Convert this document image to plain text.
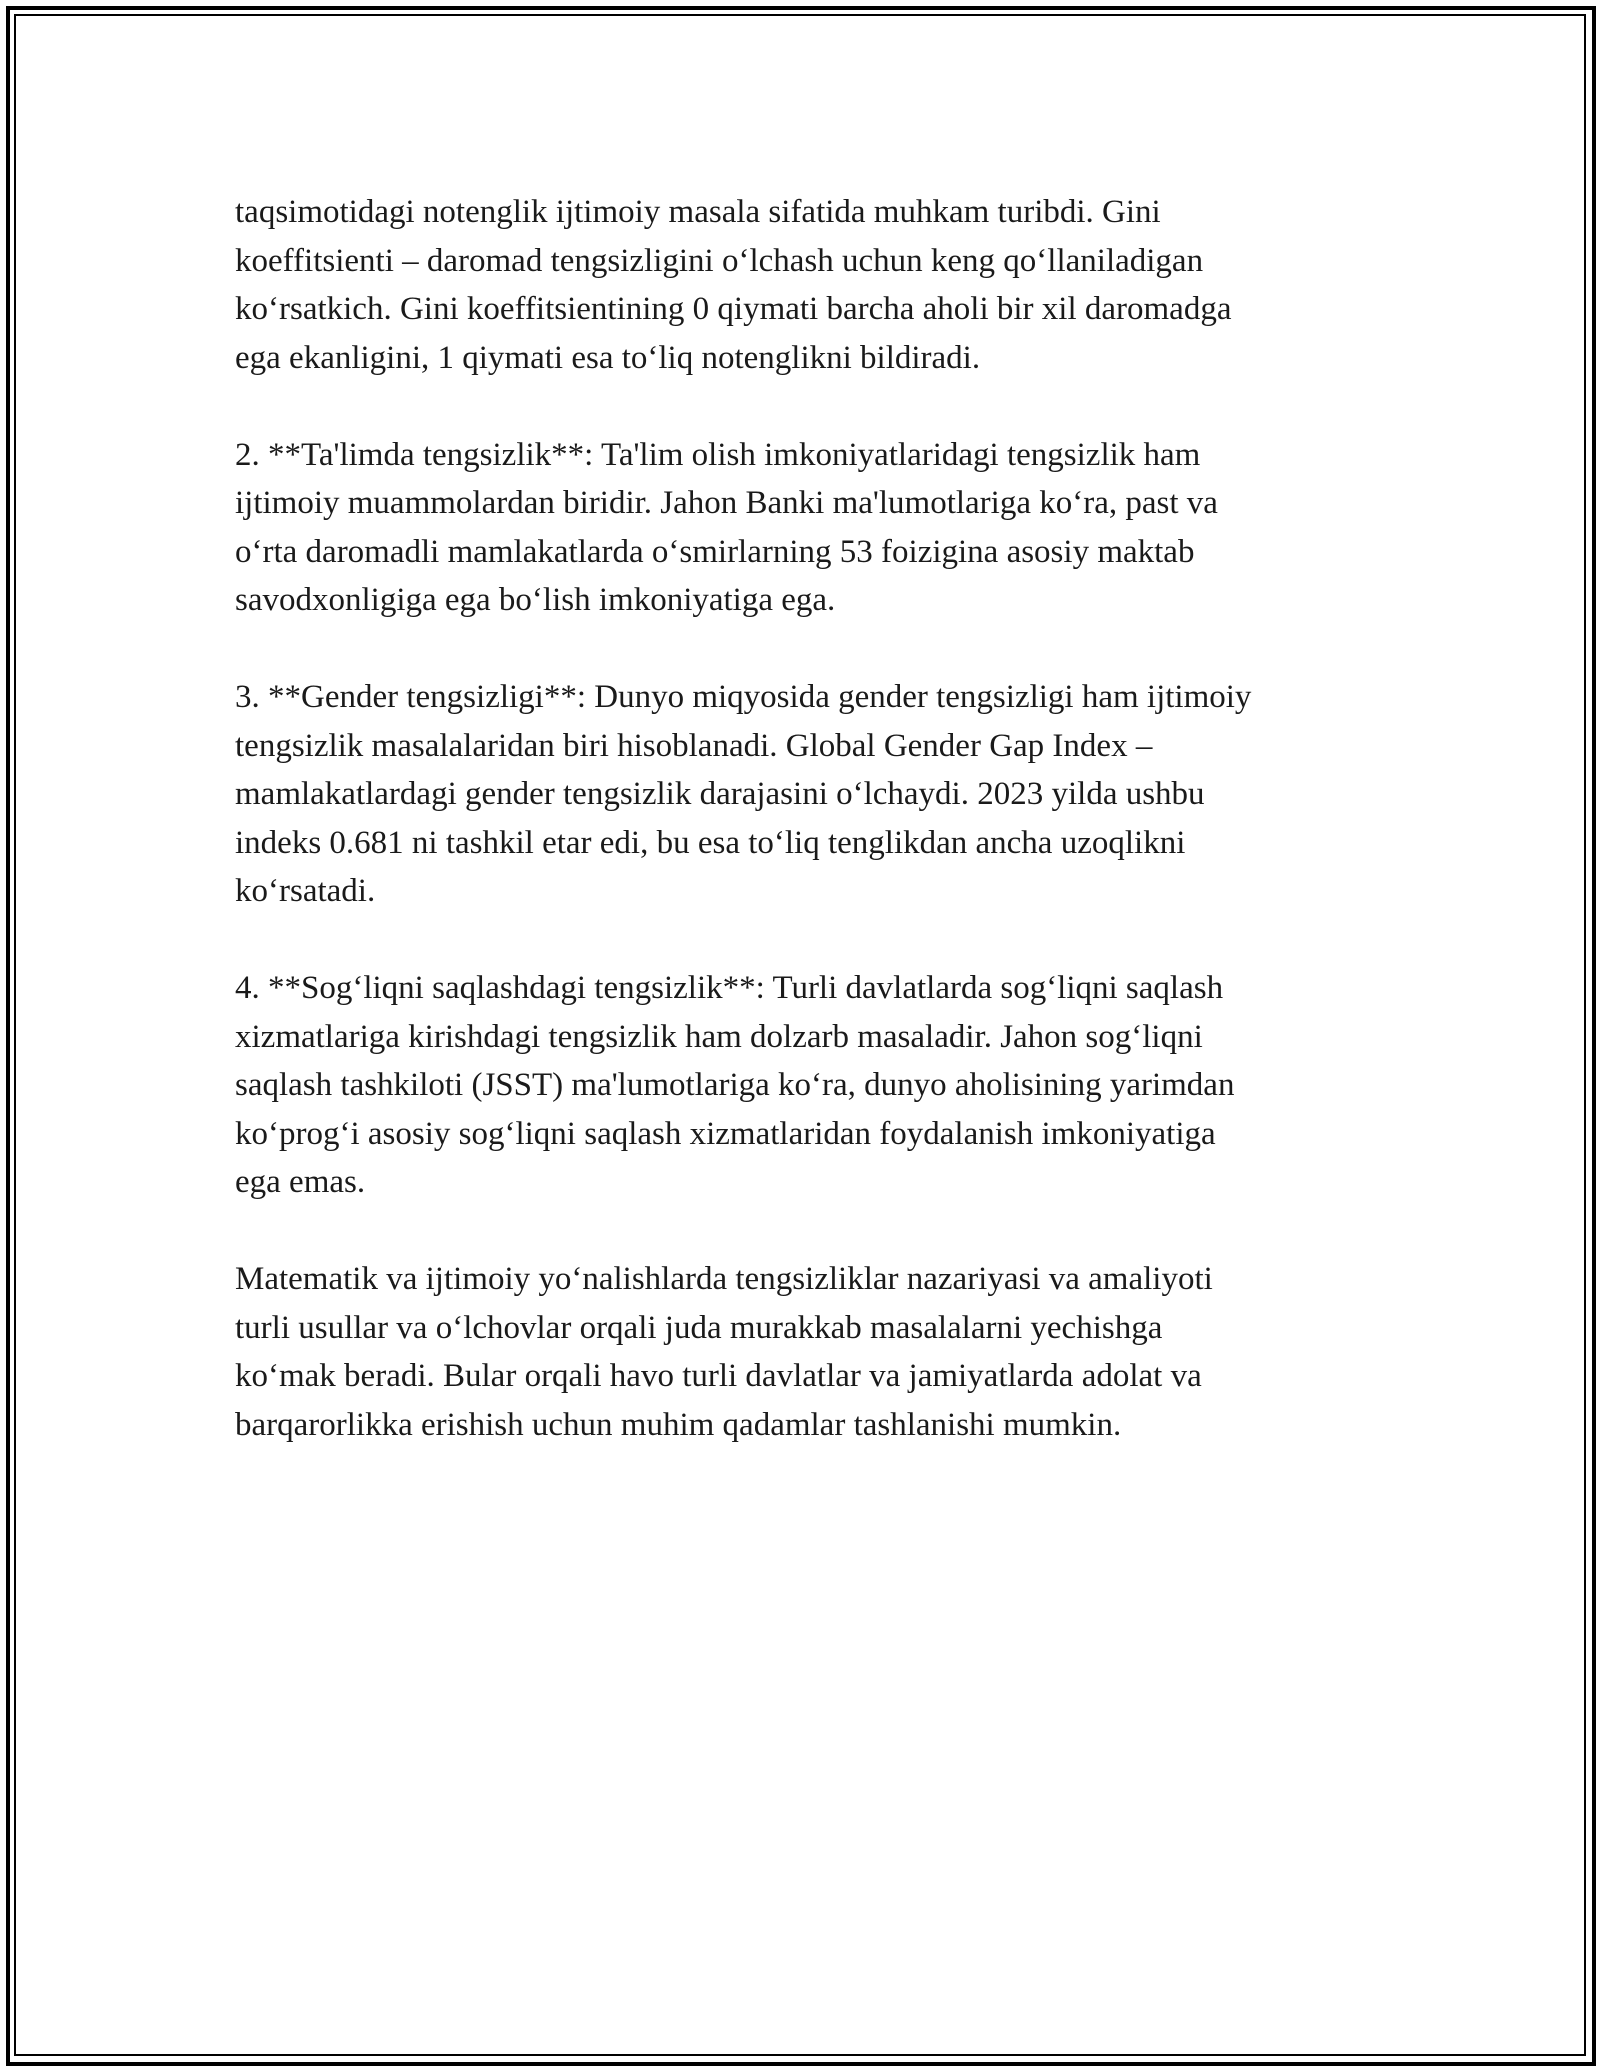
taqsimotidagi notenglik ijtimoiy masala sifatida muhkam turibdi. Gini
koeffitsienti – daromad tengsizligini o‘lchash uchun keng qo‘llaniladigan
ko‘rsatkich. Gini koeffitsientining 0 qiymati barcha aholi bir xil daromadga
ega ekanligini, 1 qiymati esa to‘liq notenglikni bildiradi.

2. **Ta'limda tengsizlik**: Ta'lim olish imkoniyatlaridagi tengsizlik ham
ijtimoiy muammolardan biridir. Jahon Banki ma'lumotlariga ko‘ra, past va
o‘rta daromadli mamlakatlarda o‘smirlarning 53 foizigina asosiy maktab
savodxonligiga ega bo‘lish imkoniyatiga ega.

3. **Gender tengsizligi**: Dunyo miqyosida gender tengsizligi ham ijtimoiy
tengsizlik masalalaridan biri hisoblanadi. Global Gender Gap Index –
mamlakatlardagi gender tengsizlik darajasini o‘lchaydi. 2023 yilda ushbu
indeks 0.681 ni tashkil etar edi, bu esa to‘liq tenglikdan ancha uzoqlikni
ko‘rsatadi.

4. **Sog‘liqni saqlashdagi tengsizlik**: Turli davlatlarda sog‘liqni saqlash
xizmatlariga kirishdagi tengsizlik ham dolzarb masaladir. Jahon sog‘liqni
saqlash tashkiloti (JSST) ma'lumotlariga ko‘ra, dunyo aholisining yarimdan
ko‘prog‘i asosiy sog‘liqni saqlash xizmatlaridan foydalanish imkoniyatiga
ega emas.

Matematik va ijtimoiy yo‘nalishlarda tengsizliklar nazariyasi va amaliyoti
turli usullar va o‘lchovlar orqali juda murakkab masalalarni yechishga
ko‘mak beradi. Bular orqali havo turli davlatlar va jamiyatlarda adolat va
barqarorlikka erishish uchun muhim qadamlar tashlanishi mumkin.
